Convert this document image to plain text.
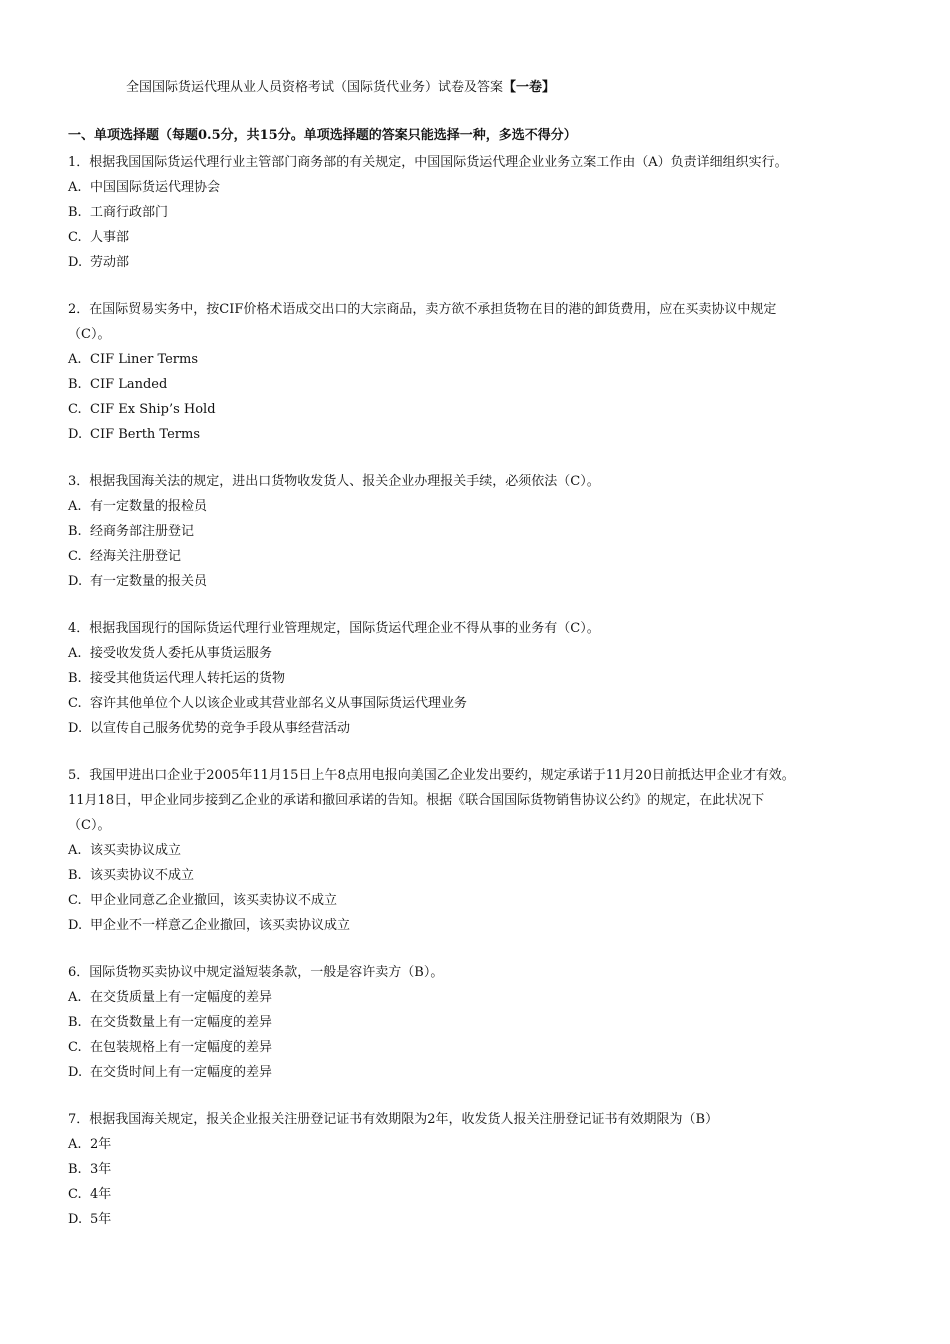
全国国际货运代理从业人员资格考试（国际货代业务）试卷及答案【一卷】
一、单项选择题（每题0.5分，共15分。单项选择题的答案只能选择一种，多选不得分）

1．根据我国国际货运代理行业主管部门商务部的有关规定，中国国际货运代理企业业务立案工作由（A）负责详细组织实行。

A. 中国国际货运代理协会

B. 工商行政部门

C. 人事部

D. 劳动部

2．在国际贸易实务中，按CIF价格术语成交出口的大宗商品，卖方欲不承担货物在目的港的卸货费用，应在买卖协议中规定

（C）。

A. CIF Liner Terms

B. CIF Landed

C. CIF Ex Ship’s Hold

D. CIF Berth Terms

3．根据我国海关法的规定，进出口货物收发货人、报关企业办理报关手续，必须依法（C）。

A. 有一定数量的报检员

B. 经商务部注册登记

C. 经海关注册登记

D. 有一定数量的报关员

4．根据我国现行的国际货运代理行业管理规定，国际货运代理企业不得从事的业务有（C）。

A. 接受收发货人委托从事货运服务

B. 接受其他货运代理人转托运的货物

C. 容许其他单位个人以该企业或其营业部名义从事国际货运代理业务

D. 以宣传自己服务优势的竞争手段从事经营活动

5．我国甲进出口企业于2005年11月15日上午8点用电报向美国乙企业发出要约，规定承诺于11月20日前抵达甲企业才有效。

11月18日，甲企业同步接到乙企业的承诺和撤回承诺的告知。根据《联合国国际货物销售协议公约》的规定，在此状况下

（C）。

A. 该买卖协议成立

B. 该买卖协议不成立

C. 甲企业同意乙企业撤回，该买卖协议不成立

D. 甲企业不一样意乙企业撤回，该买卖协议成立

6．国际货物买卖协议中规定溢短装条款，一般是容许卖方（B）。

A. 在交货质量上有一定幅度的差异

B. 在交货数量上有一定幅度的差异

C. 在包装规格上有一定幅度的差异

D. 在交货时间上有一定幅度的差异

7．根据我国海关规定，报关企业报关注册登记证书有效期限为2年，收发货人报关注册登记证书有效期限为（B）

A. 2年

B. 3年

C. 4年

D. 5年
